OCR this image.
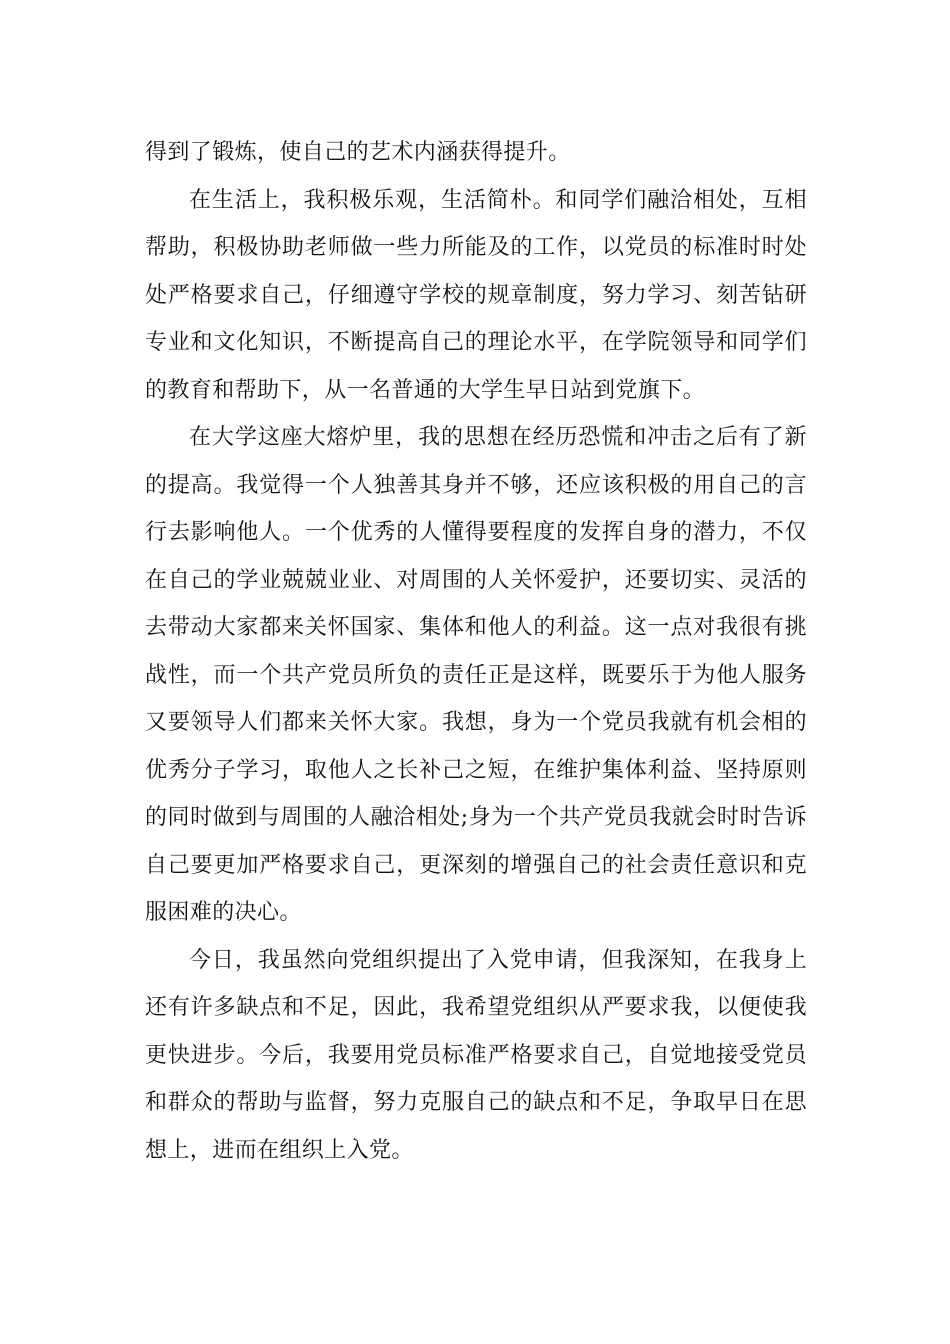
得到了锻炼，使自己的艺术内涵获得提升。

在生活上，我积极乐观，生活简朴。和同学们融洽相处，互相帮助，积极协助老师做一些力所能及的工作，以党员的标准时时处处严格要求自己，仔细遵守学校的规章制度，努力学习、刻苦钻研专业和文化知识，不断提高自己的理论水平，在学院领导和同学们的教育和帮助下，从一名普通的大学生早日站到党旗下。

在大学这座大熔炉里，我的思想在经历恐慌和冲击之后有了新的提高。我觉得一个人独善其身并不够，还应该积极的用自己的言行去影响他人。一个优秀的人懂得要程度的发挥自身的潜力，不仅在自己的学业兢兢业业、对周围的人关怀爱护，还要切实、灵活的去带动大家都来关怀国家、集体和他人的利益。这一点对我很有挑战性，而一个共产党员所负的责任正是这样，既要乐于为他人服务又要领导人们都来关怀大家。我想，身为一个党员我就有机会相的优秀分子学习，取他人之长补己之短，在维护集体利益、坚持原则的同时做到与周围的人融洽相处;身为一个共产党员我就会时时告诉自己要更加严格要求自己，更深刻的增强自己的社会责任意识和克服困难的决心。

今日，我虽然向党组织提出了入党申请，但我深知，在我身上还有许多缺点和不足，因此，我希望党组织从严要求我，以便使我更快进步。今后，我要用党员标准严格要求自己，自觉地接受党员和群众的帮助与监督，努力克服自己的缺点和不足，争取早日在思想上，进而在组织上入党。
